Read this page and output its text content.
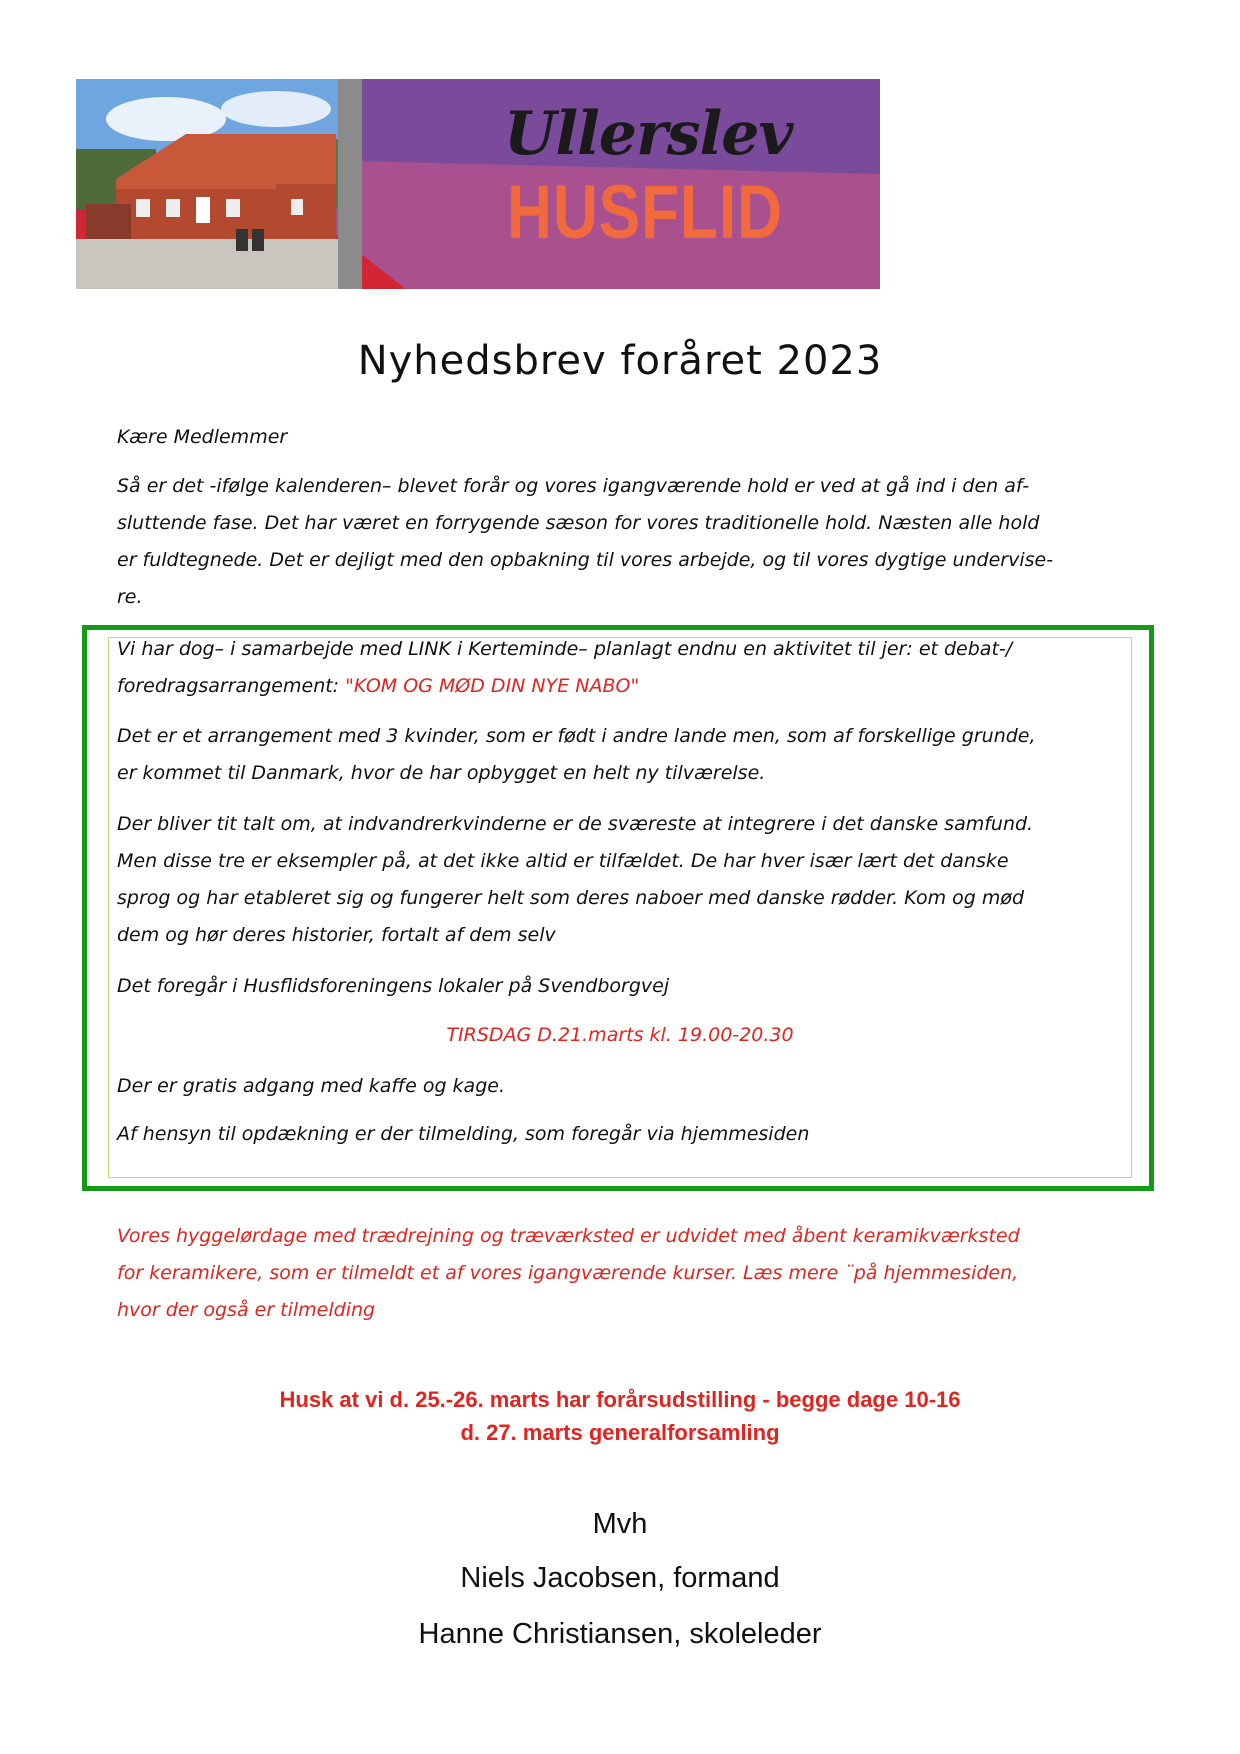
Ullerslev
HUSFLID
Nyhedsbrev foråret 2023
Kære Medlemmer
Så er det -ifølge kalenderen– blevet forår og vores igangværende hold er ved at gå ind i den af-
sluttende fase. Det har været en forrygende sæson for vores traditionelle hold. Næsten alle hold
er fuldtegnede. Det er dejligt med den opbakning til vores arbejde, og til vores dygtige undervise-
re.
Vi har dog– i samarbejde med LINK i Kerteminde– planlagt endnu en aktivitet til jer: et debat-/
foredragsarrangement: "KOM OG MØD DIN NYE NABO"
Det er et arrangement med 3 kvinder, som er født i andre lande men, som af forskellige grunde,
er kommet til Danmark, hvor de har opbygget en helt ny tilværelse.
Der bliver tit talt om, at indvandrerkvinderne er de sværeste at integrere i det danske samfund.
Men disse tre er eksempler på, at det ikke altid er tilfældet. De har hver især lært det danske
sprog og har etableret sig og fungerer helt som deres naboer med danske rødder. Kom og mød
dem og hør deres historier, fortalt af dem selv
Det foregår i Husflidsforeningens lokaler på Svendborgvej
TIRSDAG D.21.marts kl. 19.00-20.30
Der er gratis adgang med kaffe og kage.
Af hensyn til opdækning er der tilmelding, som foregår via hjemmesiden
Vores hyggelørdage med trædrejning og træværksted er udvidet med åbent keramikværksted
for keramikere, som er tilmeldt et af vores igangværende kurser. Læs mere ¨på hjemmesiden,
hvor der også er tilmelding
Husk at vi d. 25.-26. marts har forårsudstilling - begge dage 10-16
d. 27. marts generalforsamling
Mvh
Niels Jacobsen, formand
Hanne Christiansen, skoleleder
